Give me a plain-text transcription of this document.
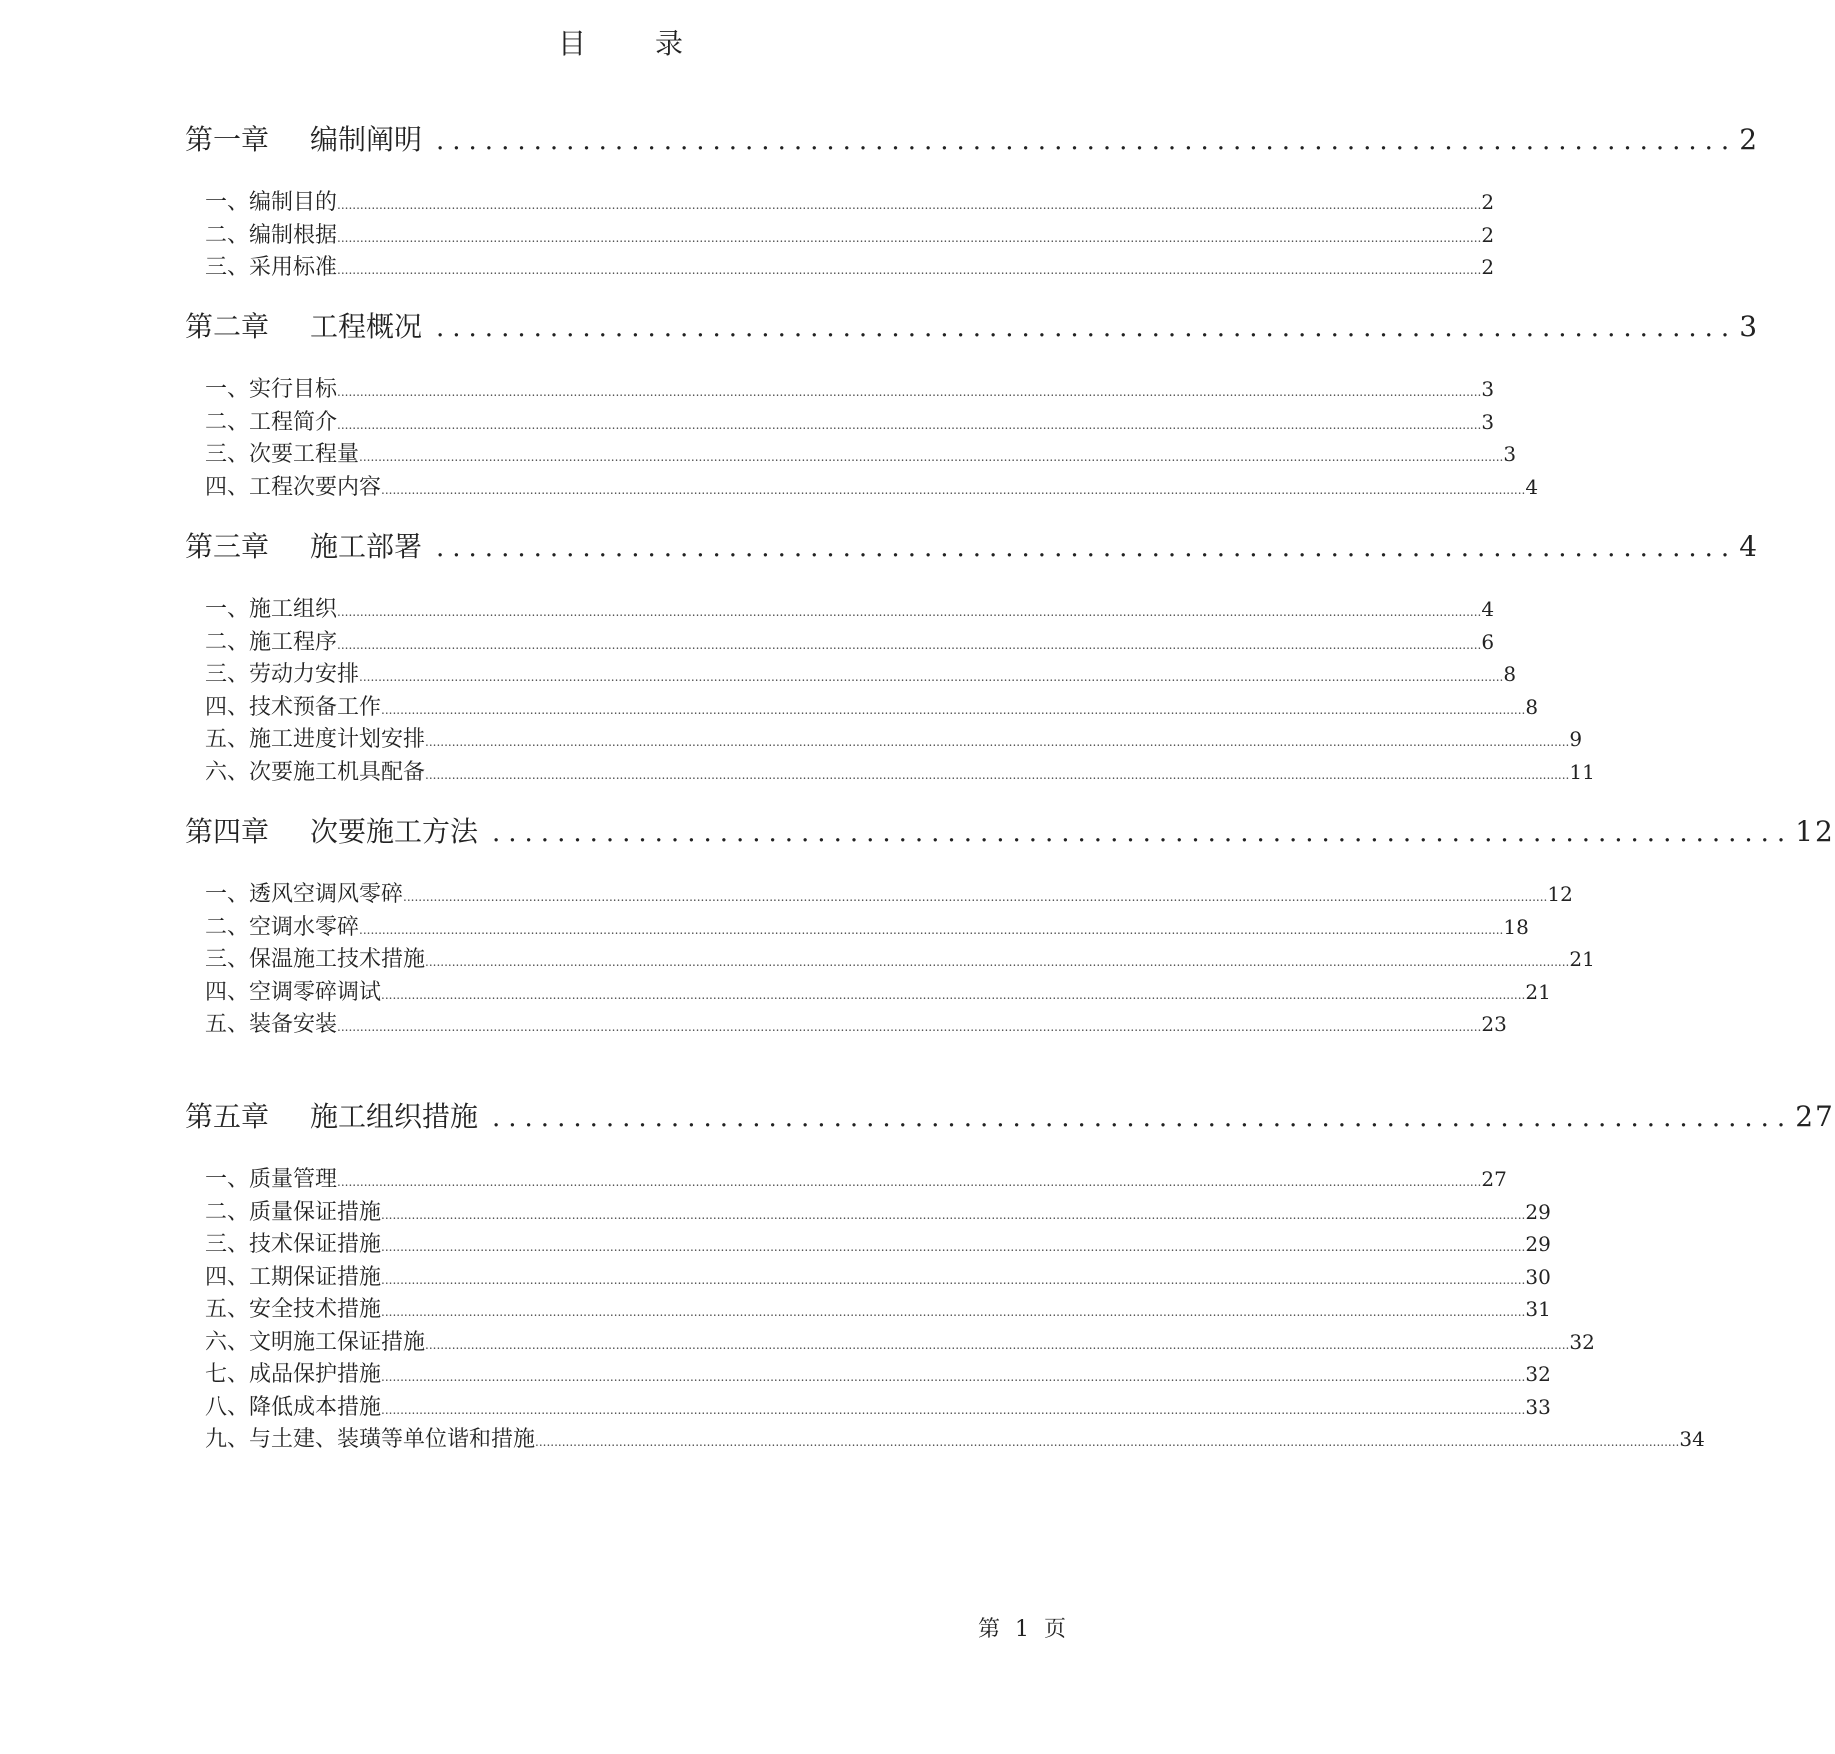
目 录
第一章	编制阐明 ................................................................................ 2
一、编制目的 ............................................................................................................................................................................................................................................................................................................ 2
二、编制根据 ............................................................................................................................................................................................................................................................................................................ 2
三、采用标准 ............................................................................................................................................................................................................................................................................................................ 2
第二章	工程概况 ................................................................................ 3
一、实行目标 ............................................................................................................................................................................................................................................................................................................ 3
二、工程简介 ............................................................................................................................................................................................................................................................................................................ 3
三、次要工程量 ............................................................................................................................................................................................................................................................................................................ 3
四、工程次要内容 ............................................................................................................................................................................................................................................................................................................ 4
第三章	施工部署 ................................................................................ 4
一、施工组织 ............................................................................................................................................................................................................................................................................................................ 4
二、施工程序 ............................................................................................................................................................................................................................................................................................................ 6
三、劳动力安排 ............................................................................................................................................................................................................................................................................................................ 8
四、技术预备工作 ............................................................................................................................................................................................................................................................................................................ 8
五、施工进度计划安排 ............................................................................................................................................................................................................................................................................................................ 9
六、次要施工机具配备 ............................................................................................................................................................................................................................................................................................................ 11
第四章	次要施工方法 ................................................................................ 12
一、透风空调风零碎 ............................................................................................................................................................................................................................................................................................................ 12
二、空调水零碎 ............................................................................................................................................................................................................................................................................................................ 18
三、保温施工技术措施 ............................................................................................................................................................................................................................................................................................................ 21
四、空调零碎调试 ............................................................................................................................................................................................................................................................................................................ 21
五、装备安装 ............................................................................................................................................................................................................................................................................................................ 23
第五章	施工组织措施 ................................................................................ 27
一、质量管理 ............................................................................................................................................................................................................................................................................................................ 27
二、质量保证措施 ............................................................................................................................................................................................................................................................................................................ 29
三、技术保证措施 ............................................................................................................................................................................................................................................................................................................ 29
四、工期保证措施 ............................................................................................................................................................................................................................................................................................................ 30
五、安全技术措施 ............................................................................................................................................................................................................................................................................................................ 31
六、文明施工保证措施 ............................................................................................................................................................................................................................................................................................................ 32
七、成品保护措施 ............................................................................................................................................................................................................................................................................................................ 32
八、降低成本措施 ............................................................................................................................................................................................................................................................................................................ 33
九、与土建、装璜等单位谐和措施 ............................................................................................................................................................................................................................................................................................................ 34
第 1 页
